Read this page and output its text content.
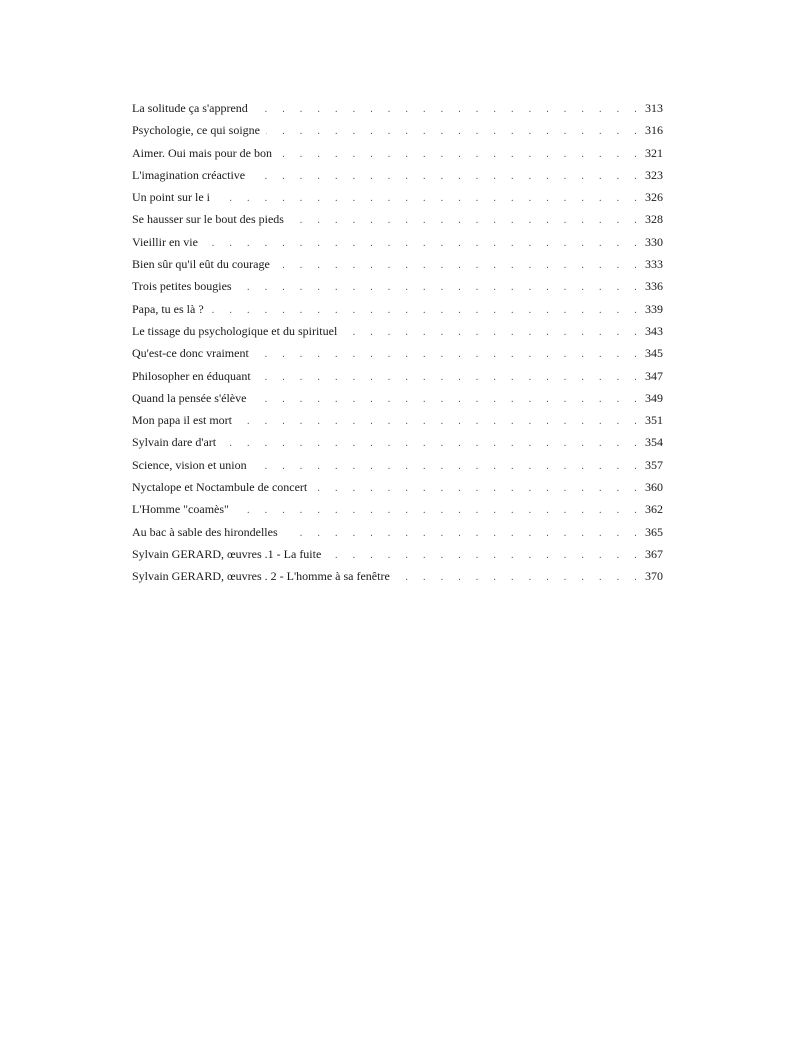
La solitude ça s'apprend . . .	313
Psychologie, ce qui soigne . . .	316
Aimer. Oui mais pour de bon . . .	321
L'imagination créactive . . .	323
Un point sur le i . . .	326
Se hausser sur le bout des pieds . . .	328
Vieillir en vie . . .	330
Bien sûr qu'il eût du courage . . .	333
Trois petites bougies . . .	336
Papa, tu es là ? . . .	339
Le tissage du psychologique et du spirituel . . .	343
Qu'est-ce donc vraiment . . .	345
Philosopher en éduquant . . .	347
Quand la pensée s'élève . . .	349
Mon papa il est mort . . .	351
Sylvain dare d'art . . .	354
Science, vision et union . . .	357
Nyctalope et Noctambule de concert . . .	360
L'Homme "coamès" . . .	362
Au bac à sable des hirondelles . . .	365
Sylvain GERARD, œuvres .1 - La fuite . . .	367
Sylvain GERARD, œuvres . 2 - L'homme à sa fenêtre . . .	370
